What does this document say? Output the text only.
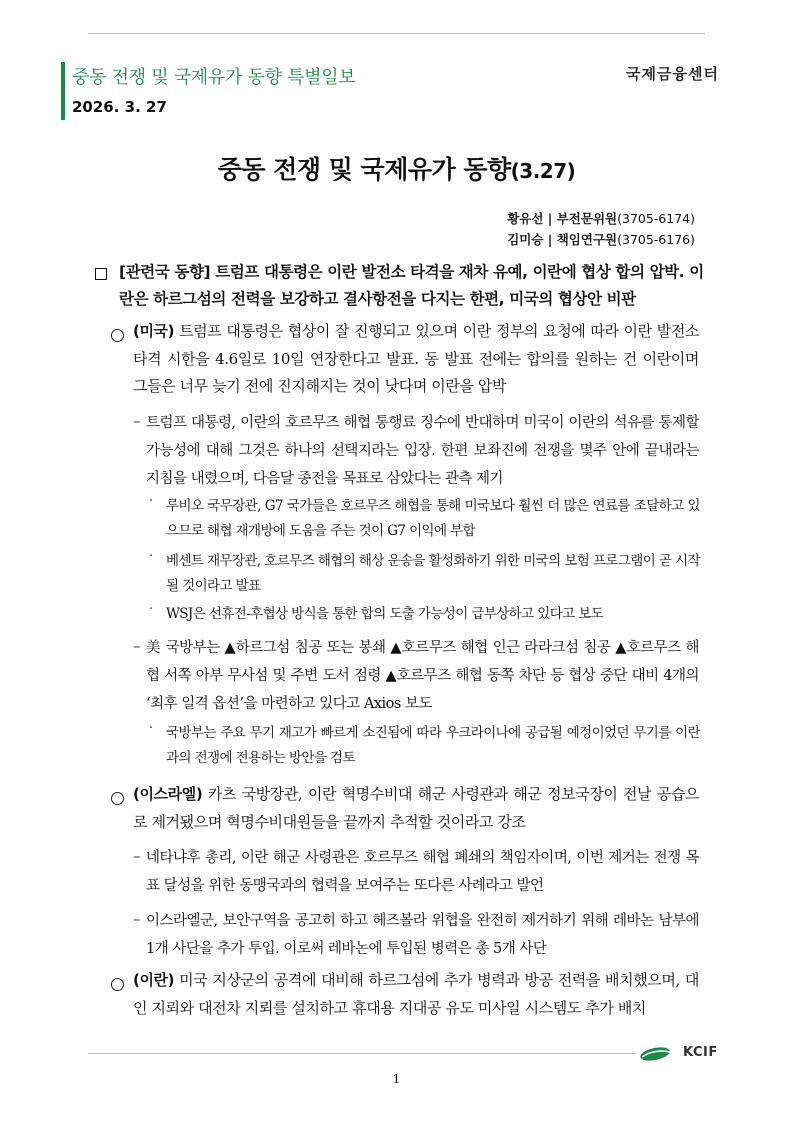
중동 전쟁 및 국제유가 동향 특별일보
2026. 3. 27
국제금융센터
중동 전쟁 및 국제유가 동향(3.27)
황유선 | 부전문위원(3705-6174)
김미승 | 책임연구원(3705-6176)
[관련국 동향] 트럼프 대통령은 이란 발전소 타격을 재차 유예, 이란에 협상 합의 압박. 이란은 하르그섬의 전력을 보강하고 결사항전을 다지는 한편, 미국의 협상안 비판
(미국) 트럼프 대통령은 협상이 잘 진행되고 있으며 이란 정부의 요청에 따라 이란 발전소 타격 시한을 4.6일로 10일 연장한다고 발표. 동 발표 전에는 합의를 원하는 건 이란이며 그들은 너무 늦기 전에 진지해지는 것이 낫다며 이란을 압박
– 트럼프 대통령, 이란의 호르무즈 해협 통행료 징수에 반대하며 미국이 이란의 석유를 통제할 가능성에 대해 그것은 하나의 선택지라는 입장. 한편 보좌진에 전쟁을 몇주 안에 끝내라는 지침을 내렸으며, 다음달 종전을 목표로 삼았다는 관측 제기
· 루비오 국무장관, G7 국가들은 호르무즈 해협을 통해 미국보다 훨씬 더 많은 연료를 조달하고 있으므로 해협 재개방에 도움을 주는 것이 G7 이익에 부합
· 베센트 재무장관, 호르무즈 해협의 해상 운송을 활성화하기 위한 미국의 보험 프로그램이 곧 시작될 것이라고 발표
· WSJ은 선휴전-후협상 방식을 통한 합의 도출 가능성이 급부상하고 있다고 보도
– 美 국방부는 ▲하르그섬 침공 또는 봉쇄 ▲호르무즈 해협 인근 라라크섬 침공 ▲호르무즈 해협 서쪽 아부 무사섬 및 주변 도서 점령 ▲호르무즈 해협 동쪽 차단 등 협상 중단 대비 4개의 ‘최후 일격 옵션’을 마련하고 있다고 Axios 보도
· 국방부는 주요 무기 재고가 빠르게 소진됨에 따라 우크라이나에 공급될 예정이었던 무기를 이란과의 전쟁에 전용하는 방안을 검토
(이스라엘) 카츠 국방장관, 이란 혁명수비대 해군 사령관과 해군 정보국장이 전날 공습으로 제거됐으며 혁명수비대원들을 끝까지 추적할 것이라고 강조
– 네타냐후 총리, 이란 해군 사령관은 호르무즈 해협 폐쇄의 책임자이며, 이번 제거는 전쟁 목표 달성을 위한 동맹국과의 협력을 보여주는 또다른 사례라고 발언
– 이스라엘군, 보안구역을 공고히 하고 헤즈볼라 위협을 완전히 제거하기 위해 레바논 남부에 1개 사단을 추가 투입. 이로써 레바논에 투입된 병력은 총 5개 사단
(이란) 미국 지상군의 공격에 대비해 하르그섬에 추가 병력과 방공 전력을 배치했으며, 대인 지뢰와 대전차 지뢰를 설치하고 휴대용 지대공 유도 미사일 시스템도 추가 배치
KCIF
1
